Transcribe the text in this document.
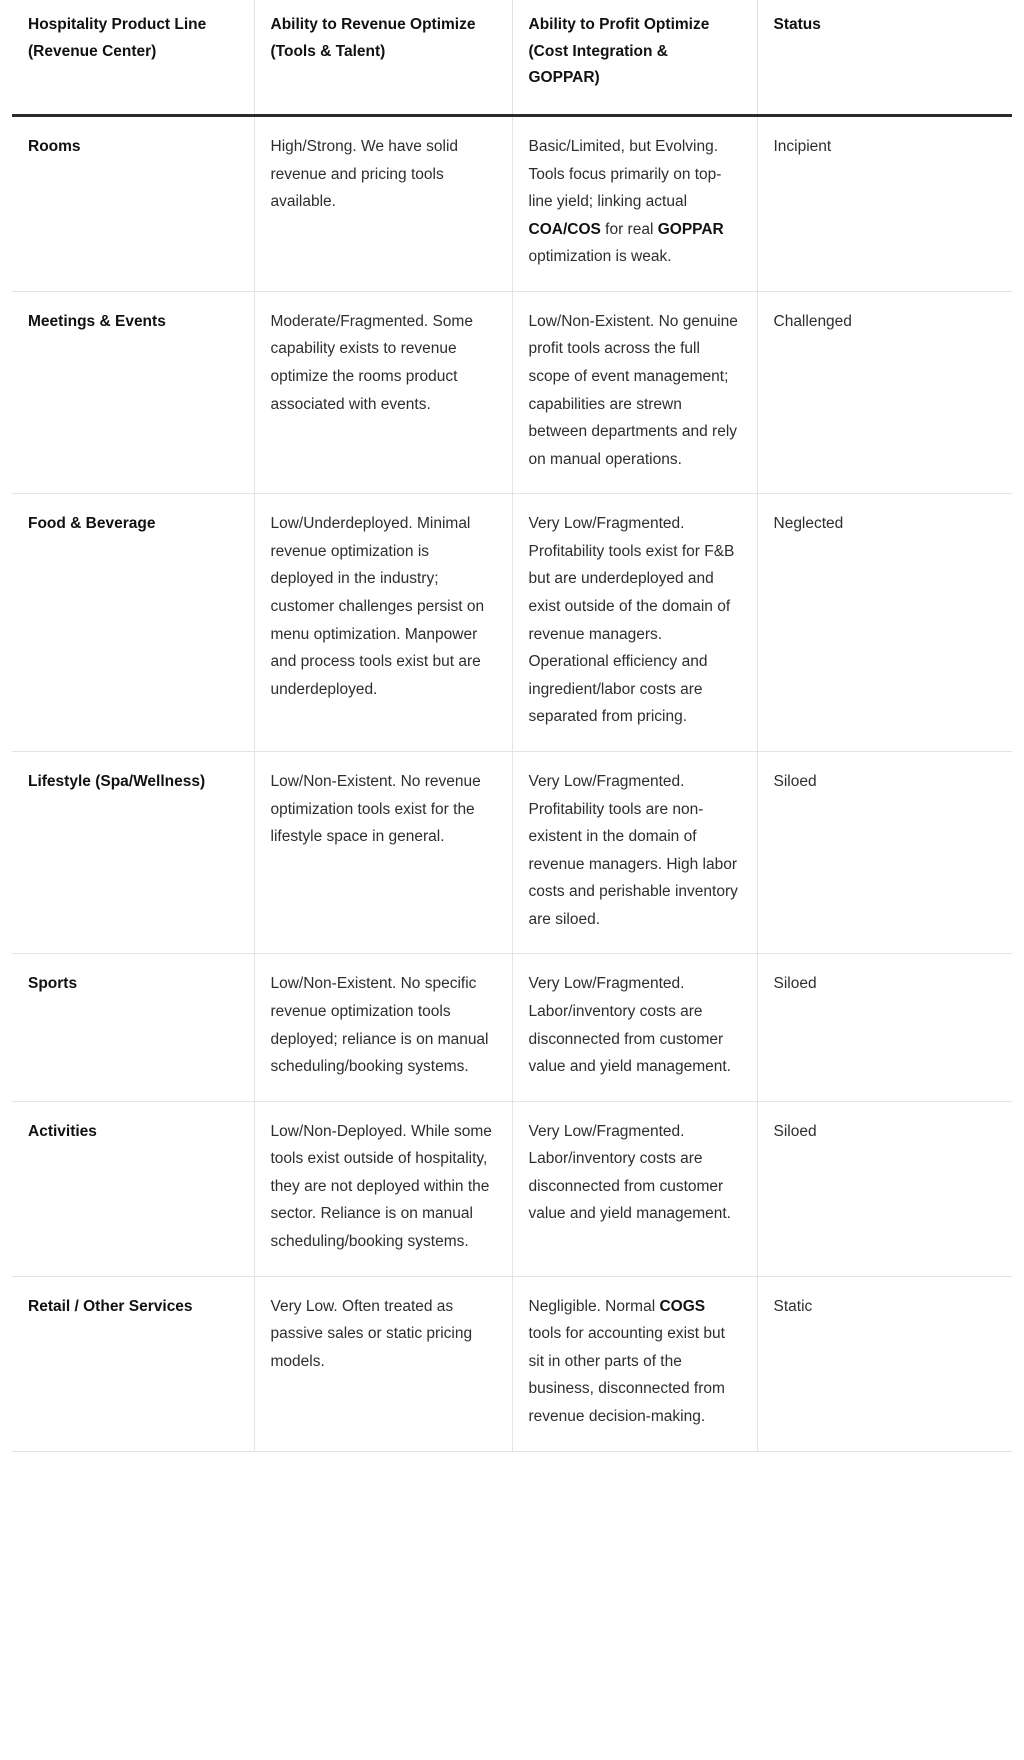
Hospitality Product Line (Revenue Center)	Ability to Revenue Optimize (Tools & Talent)	Ability to Profit Optimize (Cost Integration & GOPPAR)	Status
Rooms	High/Strong. We have solid revenue and pricing tools available.	Basic/Limited, but Evolving. Tools focus primarily on top-line yield; linking actual COA/COS for real GOPPAR optimization is weak.	Incipient
Meetings & Events	Moderate/Fragmented. Some capability exists to revenue optimize the rooms product associated with events.	Low/Non-Existent. No genuine profit tools across the full scope of event management; capabilities are strewn between departments and rely on manual operations.	Challenged
Food & Beverage	Low/Underdeployed. Minimal revenue optimization is deployed in the industry; customer challenges persist on menu optimization. Manpower and process tools exist but are underdeployed.	Very Low/Fragmented. Profitability tools exist for F&B but are underdeployed and exist outside of the domain of revenue managers. Operational efficiency and ingredient/labor costs are separated from pricing.	Neglected
Lifestyle (Spa/Wellness)	Low/Non-Existent. No revenue optimization tools exist for the lifestyle space in general.	Very Low/Fragmented. Profitability tools are non-existent in the domain of revenue managers. High labor costs and perishable inventory are siloed.	Siloed
Sports	Low/Non-Existent. No specific revenue optimization tools deployed; reliance is on manual scheduling/booking systems.	Very Low/Fragmented. Labor/inventory costs are disconnected from customer value and yield management.	Siloed
Activities	Low/Non-Deployed. While some tools exist outside of hospitality, they are not deployed within the sector. Reliance is on manual scheduling/booking systems.	Very Low/Fragmented. Labor/inventory costs are disconnected from customer value and yield management.	Siloed
Retail / Other Services	Very Low. Often treated as passive sales or static pricing models.	Negligible. Normal COGS tools for accounting exist but sit in other parts of the business, disconnected from revenue decision-making.	Static
